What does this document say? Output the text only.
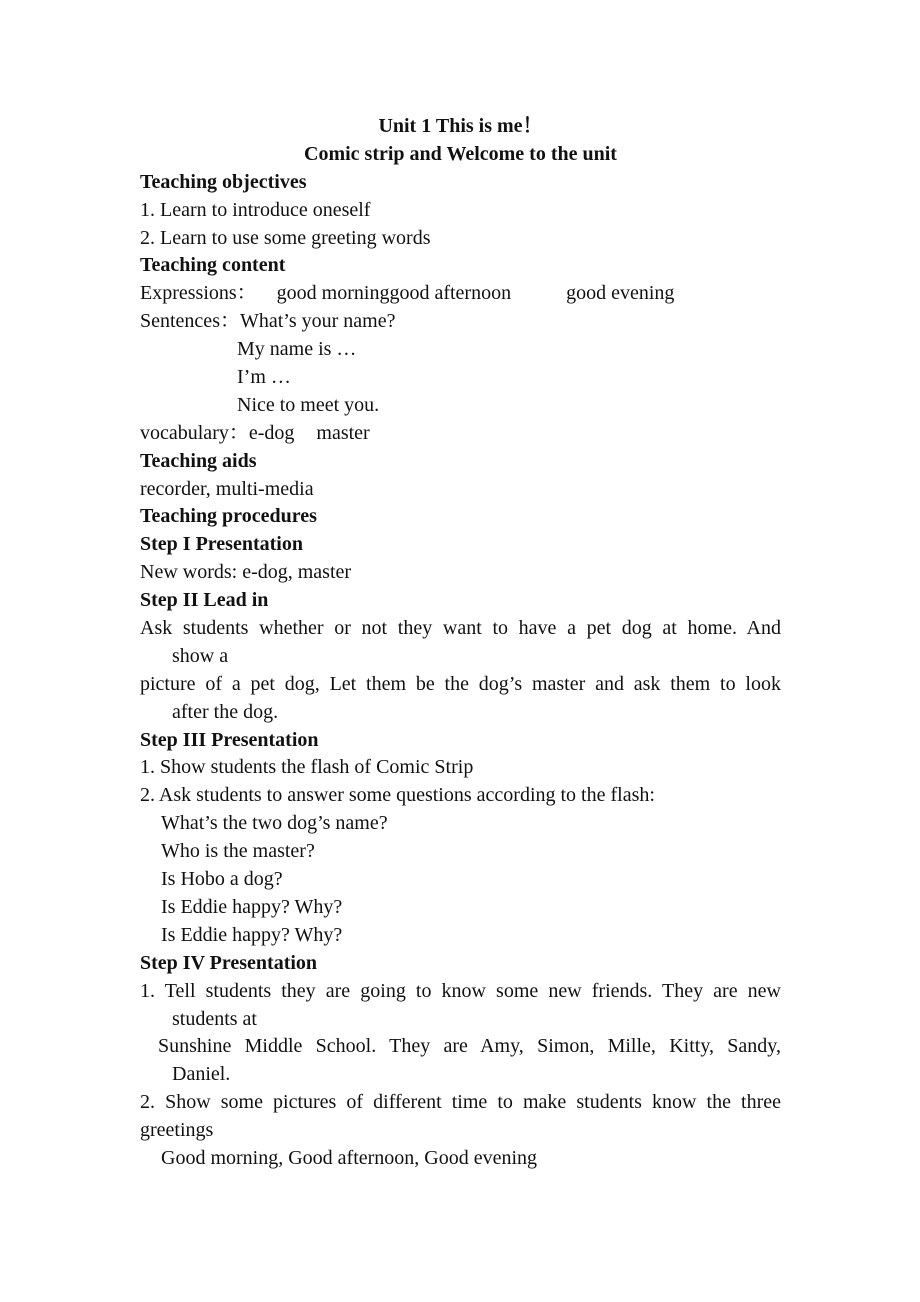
Unit 1 This is me！
Comic strip and Welcome to the unit
Teaching objectives
1. Learn to introduce oneself
2. Learn to use some greeting words
Teaching content
Expressions： good morninggood afternoon	good evening
Sentences：What’s your name?
My name is …
I’m …
Nice to meet you.
vocabulary：e-dog master
Teaching aids
recorder, multi-media
Teaching procedures
Step I Presentation
New words: e-dog, master
Step II Lead in
Ask students whether or not they want to have a pet dog at home. And
show a
picture of a pet dog, Let them be the dog’s master and ask them to look
after the dog.
Step III Presentation
1. Show students the flash of Comic Strip
2. Ask students to answer some questions according to the flash:
What’s the two dog’s name?
Who is the master?
Is Hobo a dog?
Is Eddie happy? Why?
Is Eddie happy? Why?
Step IV Presentation
1. Tell students they are going to know some new friends. They are new
students at
Sunshine Middle School. They are Amy, Simon, Mille, Kitty, Sandy,
Daniel.
2. Show some pictures of different time to make students know the three
greetings
Good morning, Good afternoon, Good evening
